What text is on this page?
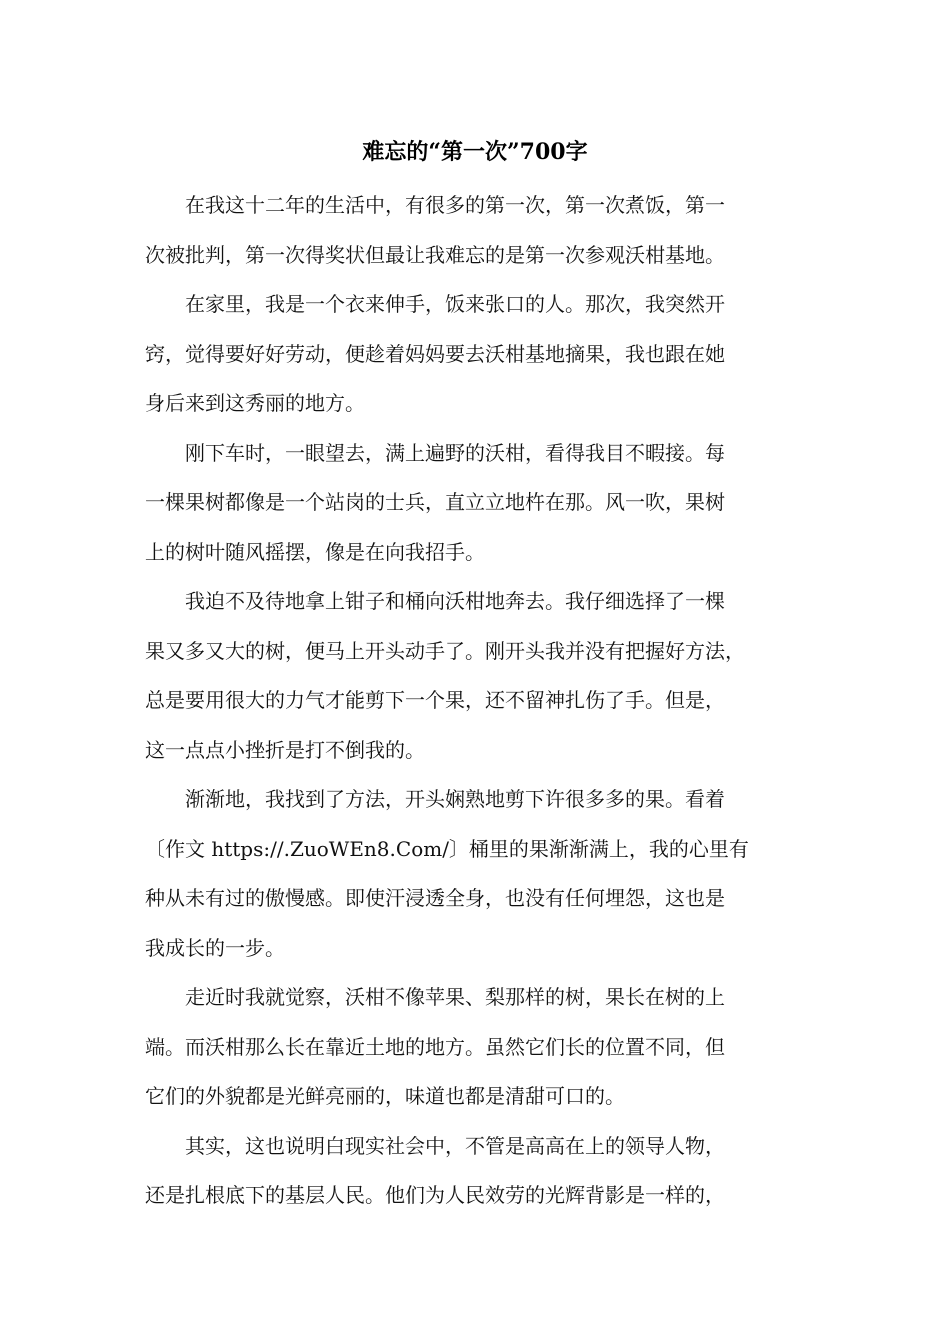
难忘的“第一次”700字
在我这十二年的生活中，有很多的第一次，第一次煮饭，第一
次被批判，第一次得奖状但最让我难忘的是第一次参观沃柑基地。
在家里，我是一个衣来伸手，饭来张口的人。那次，我突然开
窍，觉得要好好劳动，便趁着妈妈要去沃柑基地摘果，我也跟在她
身后来到这秀丽的地方。
刚下车时，一眼望去，满上遍野的沃柑，看得我目不暇接。每
一棵果树都像是一个站岗的士兵，直立立地杵在那。风一吹，果树
上的树叶随风摇摆，像是在向我招手。
我迫不及待地拿上钳子和桶向沃柑地奔去。我仔细选择了一棵
果又多又大的树，便马上开头动手了。刚开头我并没有把握好方法，
总是要用很大的力气才能剪下一个果，还不留神扎伤了手。但是，
这一点点小挫折是打不倒我的。
渐渐地，我找到了方法，开头娴熟地剪下许很多多的果。看着
〔作文 https://.ZuoWEn8.Com/〕桶里的果渐渐满上，我的心里有
种从未有过的傲慢感。即使汗浸透全身，也没有任何埋怨，这也是
我成长的一步。
走近时我就觉察，沃柑不像苹果、梨那样的树，果长在树的上
端。而沃柑那么长在靠近土地的地方。虽然它们长的位置不同，但
它们的外貌都是光鲜亮丽的，味道也都是清甜可口的。
其实，这也说明白现实社会中，不管是高高在上的领导人物，
还是扎根底下的基层人民。他们为人民效劳的光辉背影是一样的，
